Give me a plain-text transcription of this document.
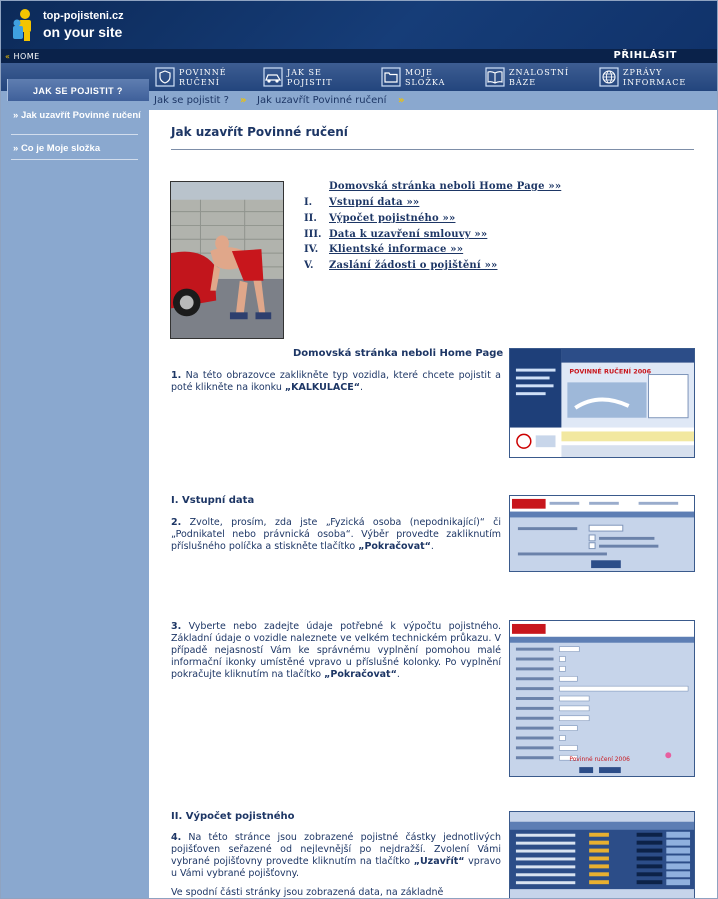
top-pojisteni.cz
on your site
« HOME	PŘIHLÁSIT
POVINNÉ
RUČENÍ
JAK SE
POJISTIT
MOJE
SLOŽKA
ZNALOSTNÍ
BÁZE
ZPRÁVY
INFORMACE
JAK SE POJISTIT ?
» Jak uzavřít Povinné ručení
» Co je Moje složka
Jak se pojistit ? » Jak uzavřít Povinné ručení »
Jak uzavřít Povinné ručení
Domovská stránka neboli Home Page »»
I. Vstupní data »»
II. Výpočet pojistného »»
III. Data k uzavření smlouvy »»
IV. Klientské informace »»
V. Zaslání žádosti o pojištění »»
Domovská stránka neboli Home Page
1. Na této obrazovce zaklikněte typ vozidla, které chcete pojistit a poté klikněte na ikonku „KALKULACE“.
POVINNÉ RUČENÍ 2006
I. Vstupní data
2. Zvolte, prosím, zda jste „Fyzická osoba (nepodnikající)“ či „Podnikatel nebo právnická osoba“. Výběr provedte zakliknutím příslušného políčka a stiskněte tlačítko „Pokračovat“.
3. Vyberte nebo zadejte údaje potřebné k výpočtu pojistného. Základní údaje o vozidle naleznete ve velkém technickém průkazu. V případě nejasností Vám ke správnému vyplnění pomohou malé informační ikonky umístěné vpravo u příslušné kolonky. Po vyplnění pokračujte kliknutím na tlačítko „Pokračovat“.
Povinné ručení 2006
II. Výpočet pojistného
4. Na této stránce jsou zobrazené pojistné částky jednotlivých pojišťoven seřazené od nejlevnější po nejdražší. Zvolení Vámi vybrané pojišťovny provedte kliknutím na tlačítko „Uzavřít“ vpravo u Vámi vybrané pojišťovny.
Ve spodní části stránky jsou zobrazená data, na základně
